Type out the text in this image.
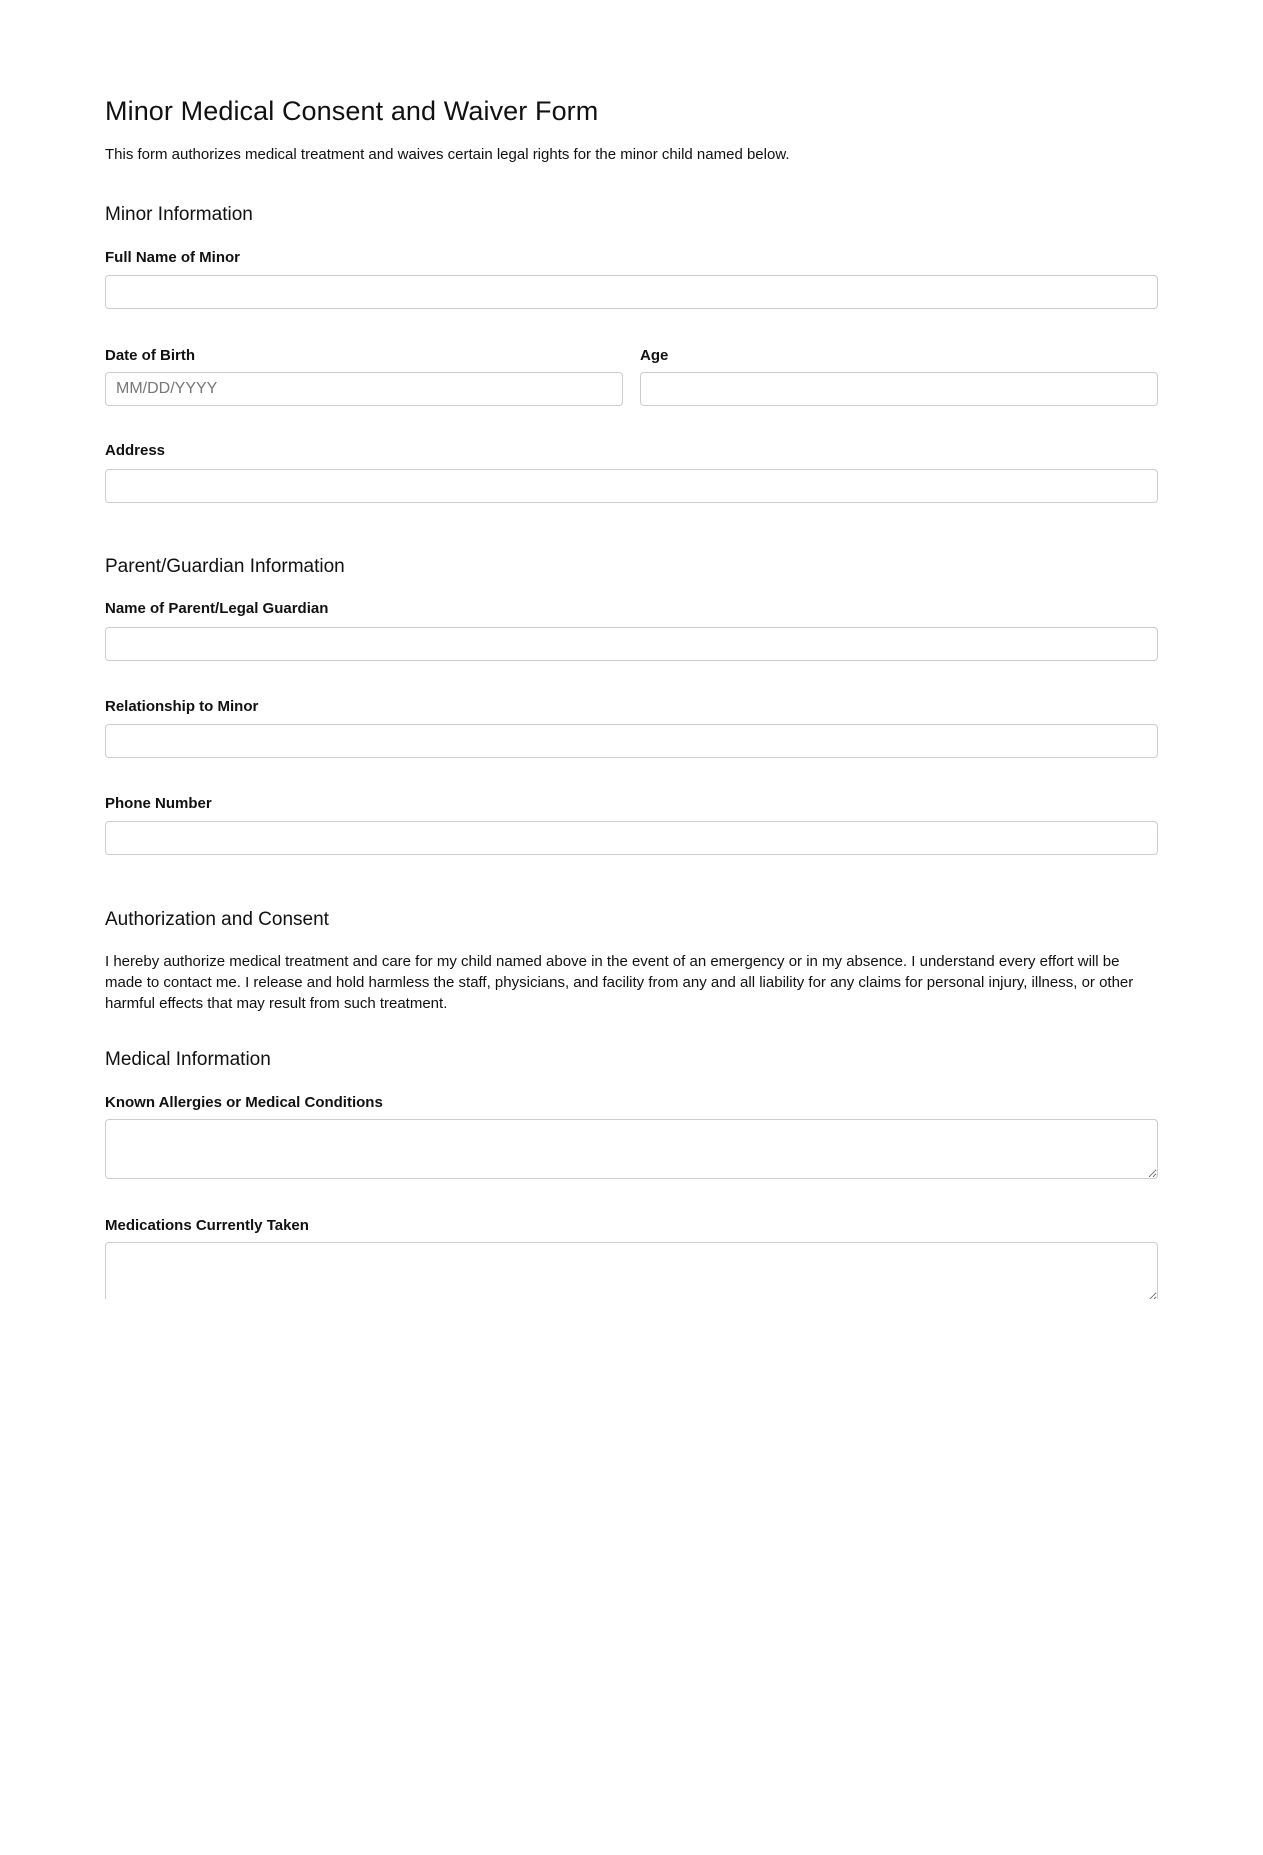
Minor Medical Consent and Waiver Form

This form authorizes medical treatment and waives certain legal rights for the minor child named below.

Minor Information
Full Name of Minor
Date of Birth
MM/DD/YYYY	Age
Address
Parent/Guardian Information
Name of Parent/Legal Guardian
Relationship to Minor
Phone Number
Authorization and Consent

I hereby authorize medical treatment and care for my child named above in the event of an emergency or in my absence. I understand every effort will be made to contact me. I release and hold harmless the staff, physicians, and facility from any and all liability for any claims for personal injury, illness, or other harmful effects that may result from such treatment.

Medical Information
Known Allergies or Medical Conditions
Medications Currently Taken
